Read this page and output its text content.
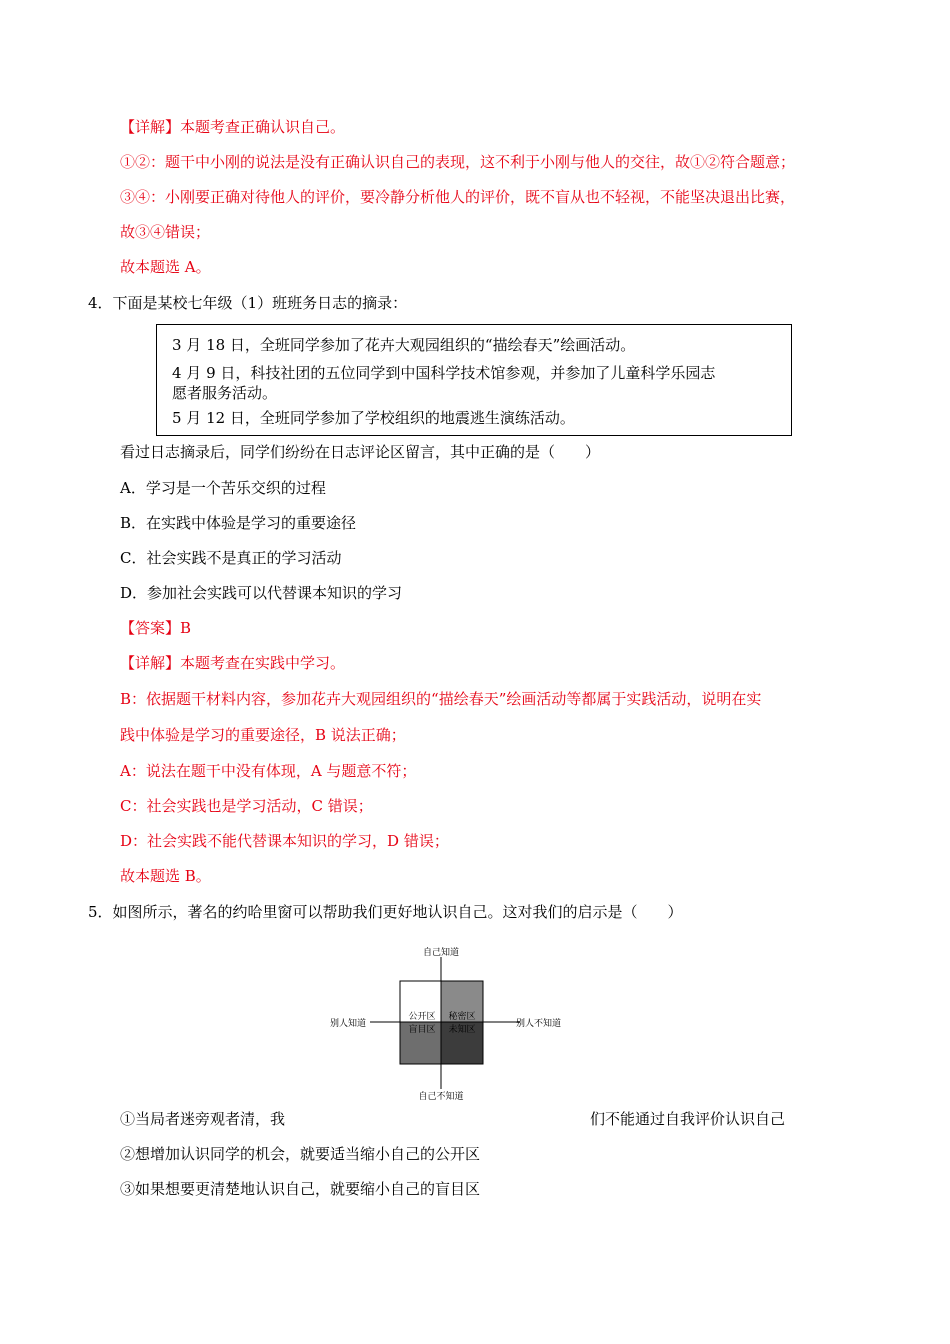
【详解】本题考查正确认识自己。
①②：题干中小刚的说法是没有正确认识自己的表现，这不利于小刚与他人的交往，故①②符合题意；
③④：小刚要正确对待他人的评价，要冷静分析他人的评价，既不盲从也不轻视，不能坚决退出比赛，
故③④错误；
故本题选 A。
4．下面是某校七年级（1）班班务日志的摘录：
3 月 18 日，全班同学参加了花卉大观园组织的“描绘春天”绘画活动。
4 月 9 日，科技社团的五位同学到中国科学技术馆参观，并参加了儿童科学乐园志
愿者服务活动。
5 月 12 日，全班同学参加了学校组织的地震逃生演练活动。
看过日志摘录后，同学们纷纷在日志评论区留言，其中正确的是（　　）
A．学习是一个苦乐交织的过程
B．在实践中体验是学习的重要途径
C．社会实践不是真正的学习活动
D．参加社会实践可以代替课本知识的学习
【答案】B
【详解】本题考查在实践中学习。
B：依据题干材料内容，参加花卉大观园组织的“描绘春天”绘画活动等都属于实践活动，说明在实
践中体验是学习的重要途径，B 说法正确；
A：说法在题干中没有体现，A 与题意不符；
C：社会实践也是学习活动，C 错误；
D：社会实践不能代替课本知识的学习，D 错误；
故本题选 B。
5．如图所示，著名的约哈里窗可以帮助我们更好地认识自己。这对我们的启示是（　　）
自己知道
自己不知道
别人知道	别人不知道
公开区 秘密区
盲目区 未知区
①当局者迷旁观者清，我	们不能通过自我评价认识自己
②想增加认识同学的机会，就要适当缩小自己的公开区
③如果想要更清楚地认识自己，就要缩小自己的盲目区
